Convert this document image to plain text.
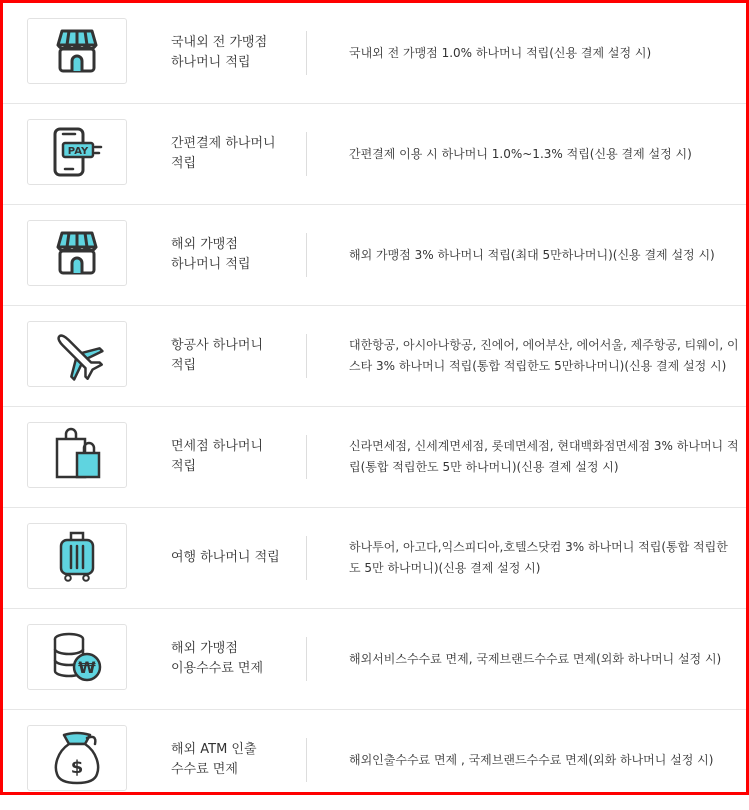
국내외 전 가맹점
하나머니 적립
국내외 전 가맹점 1.0% 하나머니 적립(신용 결제 설정 시)
PAY
간편결제 하나머니
적립
간편결제 이용 시 하나머니 1.0%~1.3% 적립(신용 결제 설정 시)
해외 가맹점
하나머니 적립
해외 가맹점 3% 하나머니 적립(최대 5만하나머니)(신용 결제 설정 시)
항공사 하나머니
적립
대한항공, 아시아나항공, 진에어, 에어부산, 에어서울, 제주항공, 티웨이, 이스타 3% 하나머니 적립(통합 적립한도 5만하나머니)(신용 결제 설정 시)
면세점 하나머니
적립
신라면세점, 신세계면세점, 롯데면세점, 현대백화점면세점 3% 하나머니 적립(통합 적립한도 5만 하나머니)(신용 결제 설정 시)
여행 하나머니 적립
하나투어, 아고다,익스피디아,호텔스닷컴 3% 하나머니 적립(통합 적립한도 5만 하나머니)(신용 결제 설정 시)
₩
해외 가맹점
이용수수료 면제
해외서비스수수료 면제, 국제브랜드수수료 면제(외화 하나머니 설정 시)
$
해외 ATM 인출
수수료 면제
해외인출수수료 면제 , 국제브랜드수수료 면제(외화 하나머니 설정 시)
